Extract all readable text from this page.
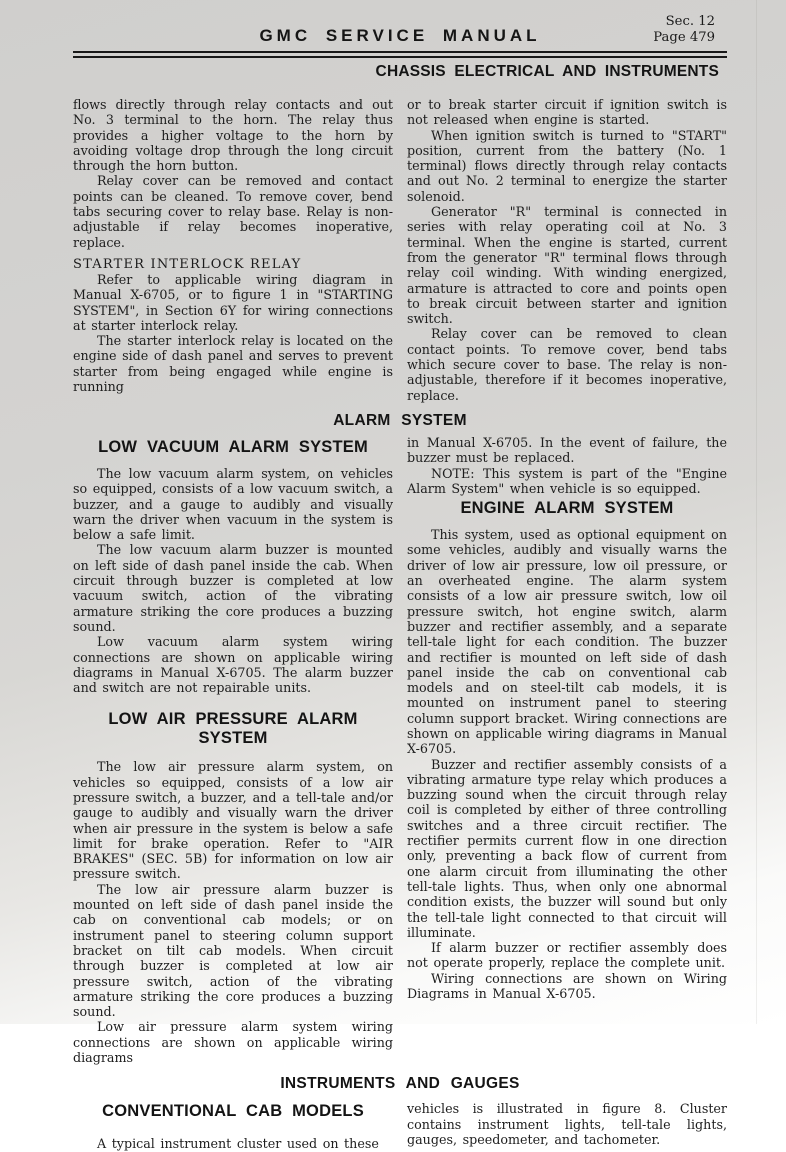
GMC SERVICE MANUAL
Sec. 12
Page 479
CHASSIS ELECTRICAL AND INSTRUMENTS

flows directly through relay contacts and out No. 3 terminal to the horn. The relay thus provides a higher voltage to the horn by avoiding voltage drop through the long circuit through the horn button.

Relay cover can be removed and contact points can be cleaned. To remove cover, bend tabs securing cover to relay base. Relay is non-adjustable if relay becomes inoperative, replace.

STARTER INTERLOCK RELAY

Refer to applicable wiring diagram in Manual X-6705, or to figure 1 in "STARTING SYSTEM", in Section 6Y for wiring connections at starter interlock relay.

The starter interlock relay is located on the engine side of dash panel and serves to prevent starter from being engaged while engine is running

or to break starter circuit if ignition switch is not released when engine is started.

When ignition switch is turned to "START" position, current from the battery (No. 1 terminal) flows directly through relay contacts and out No. 2 terminal to energize the starter solenoid.

Generator "R" terminal is connected in series with relay operating coil at No. 3 terminal. When the engine is started, current from the generator "R" terminal flows through relay coil winding. With winding energized, armature is attracted to core and points open to break circuit between starter and ignition switch.

Relay cover can be removed to clean contact points. To remove cover, bend tabs which secure cover to base. The relay is non-adjustable, therefore if it becomes inoperative, replace.

ALARM SYSTEM
LOW VACUUM ALARM SYSTEM

The low vacuum alarm system, on vehicles so equipped, consists of a low vacuum switch, a buzzer, and a gauge to audibly and visually warn the driver when vacuum in the system is below a safe limit.

The low vacuum alarm buzzer is mounted on left side of dash panel inside the cab. When circuit through buzzer is completed at low vacuum switch, action of the vibrating armature striking the core produces a buzzing sound.

Low vacuum alarm system wiring connections are shown on applicable wiring diagrams in Manual X-6705. The alarm buzzer and switch are not repairable units.

LOW AIR PRESSURE ALARM SYSTEM

The low air pressure alarm system, on vehicles so equipped, consists of a low air pressure switch, a buzzer, and a tell-tale and/or gauge to audibly and visually warn the driver when air pressure in the system is below a safe limit for brake operation. Refer to "AIR BRAKES" (SEC. 5B) for information on low air pressure switch.

The low air pressure alarm buzzer is mounted on left side of dash panel inside the cab on conventional cab models; or on instrument panel to steering column support bracket on tilt cab models. When circuit through buzzer is completed at low air pressure switch, action of the vibrating armature striking the core produces a buzzing sound.

Low air pressure alarm system wiring connections are shown on applicable wiring diagrams

in Manual X-6705. In the event of failure, the buzzer must be replaced.

NOTE: This system is part of the "Engine Alarm System" when vehicle is so equipped.

ENGINE ALARM SYSTEM

This system, used as optional equipment on some vehicles, audibly and visually warns the driver of low air pressure, low oil pressure, or an overheated engine. The alarm system consists of a low air pressure switch, low oil pressure switch, hot engine switch, alarm buzzer and rectifier assembly, and a separate tell-tale light for each condition. The buzzer and rectifier is mounted on left side of dash panel inside the cab on conventional cab models and on steel-tilt cab models, it is mounted on instrument panel to steering column support bracket. Wiring connections are shown on applicable wiring diagrams in Manual X-6705.

Buzzer and rectifier assembly consists of a vibrating armature type relay which produces a buzzing sound when the circuit through relay coil is completed by either of three controlling switches and a three circuit rectifier. The rectifier permits current flow in one direction only, preventing a back flow of current from one alarm circuit from illuminating the other tell-tale lights. Thus, when only one abnormal condition exists, the buzzer will sound but only the tell-tale light connected to that circuit will illuminate.

If alarm buzzer or rectifier assembly does not operate properly, replace the complete unit.

Wiring connections are shown on Wiring Diagrams in Manual X-6705.

INSTRUMENTS AND GAUGES
CONVENTIONAL CAB MODELS

A typical instrument cluster used on these

vehicles is illustrated in figure 8. Cluster contains instrument lights, tell-tale lights, gauges, speedometer, and tachometer.
